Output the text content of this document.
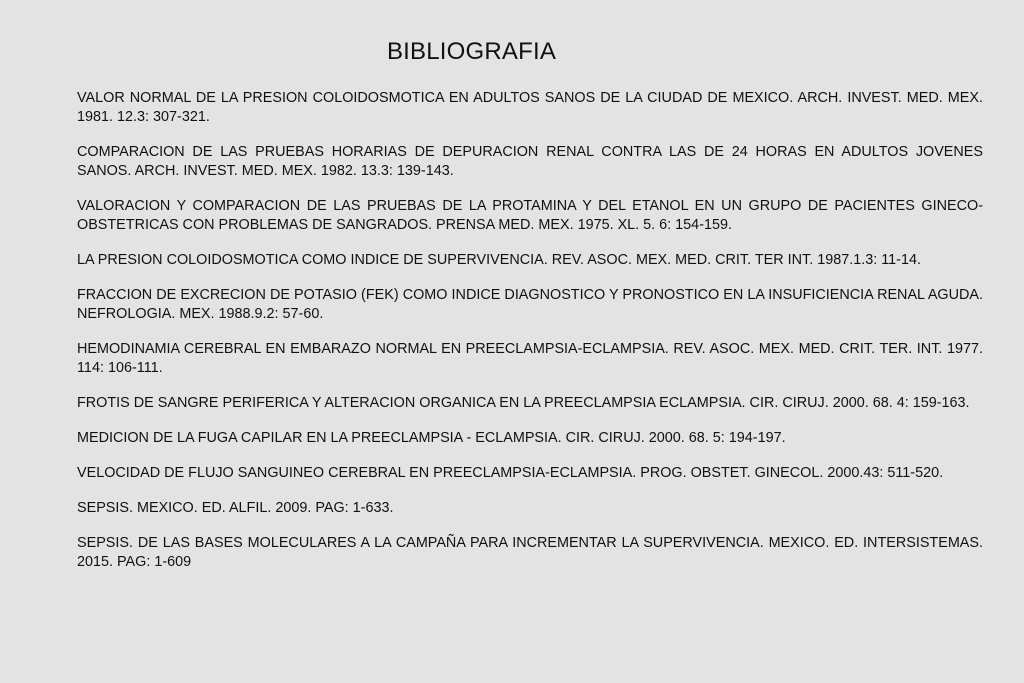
BIBLIOGRAFIA
VALOR NORMAL DE LA PRESION COLOIDOSMOTICA EN ADULTOS SANOS DE LA CIUDAD DE MEXICO. ARCH. INVEST. MED. MEX. 1981. 12.3: 307-321.
COMPARACION DE LAS PRUEBAS HORARIAS DE DEPURACION RENAL CONTRA LAS DE 24 HORAS EN ADULTOS JOVENES SANOS. ARCH. INVEST. MED. MEX. 1982. 13.3: 139-143.
VALORACION Y COMPARACION DE LAS PRUEBAS DE LA PROTAMINA Y DEL ETANOL EN UN GRUPO DE PACIENTES GINECO-OBSTETRICAS CON PROBLEMAS DE SANGRADOS. PRENSA MED. MEX. 1975. XL. 5. 6: 154-159.
LA PRESION COLOIDOSMOTICA COMO INDICE DE SUPERVIVENCIA. REV. ASOC. MEX. MED. CRIT. TER INT. 1987.1.3: 11-14.
FRACCION DE EXCRECION DE POTASIO (FEK) COMO INDICE DIAGNOSTICO Y PRONOSTICO EN LA INSUFICIENCIA RENAL AGUDA. NEFROLOGIA. MEX. 1988.9.2: 57-60.
HEMODINAMIA CEREBRAL EN EMBARAZO NORMAL EN PREECLAMPSIA-ECLAMPSIA. REV. ASOC. MEX. MED. CRIT. TER. INT. 1977. 114: 106-111.
FROTIS DE SANGRE PERIFERICA Y ALTERACION ORGANICA EN LA PREECLAMPSIA ECLAMPSIA. CIR. CIRUJ. 2000. 68. 4: 159-163.
MEDICION DE LA FUGA CAPILAR EN LA PREECLAMPSIA - ECLAMPSIA. CIR. CIRUJ. 2000. 68. 5: 194-197.
VELOCIDAD DE FLUJO SANGUINEO CEREBRAL EN PREECLAMPSIA-ECLAMPSIA. PROG. OBSTET. GINECOL. 2000.43: 511-520.
SEPSIS. MEXICO. ED. ALFIL. 2009. PAG: 1-633.
SEPSIS. DE LAS BASES MOLECULARES A LA CAMPAÑA PARA INCREMENTAR LA SUPERVIVENCIA. MEXICO. ED. INTERSISTEMAS. 2015. PAG: 1-609
